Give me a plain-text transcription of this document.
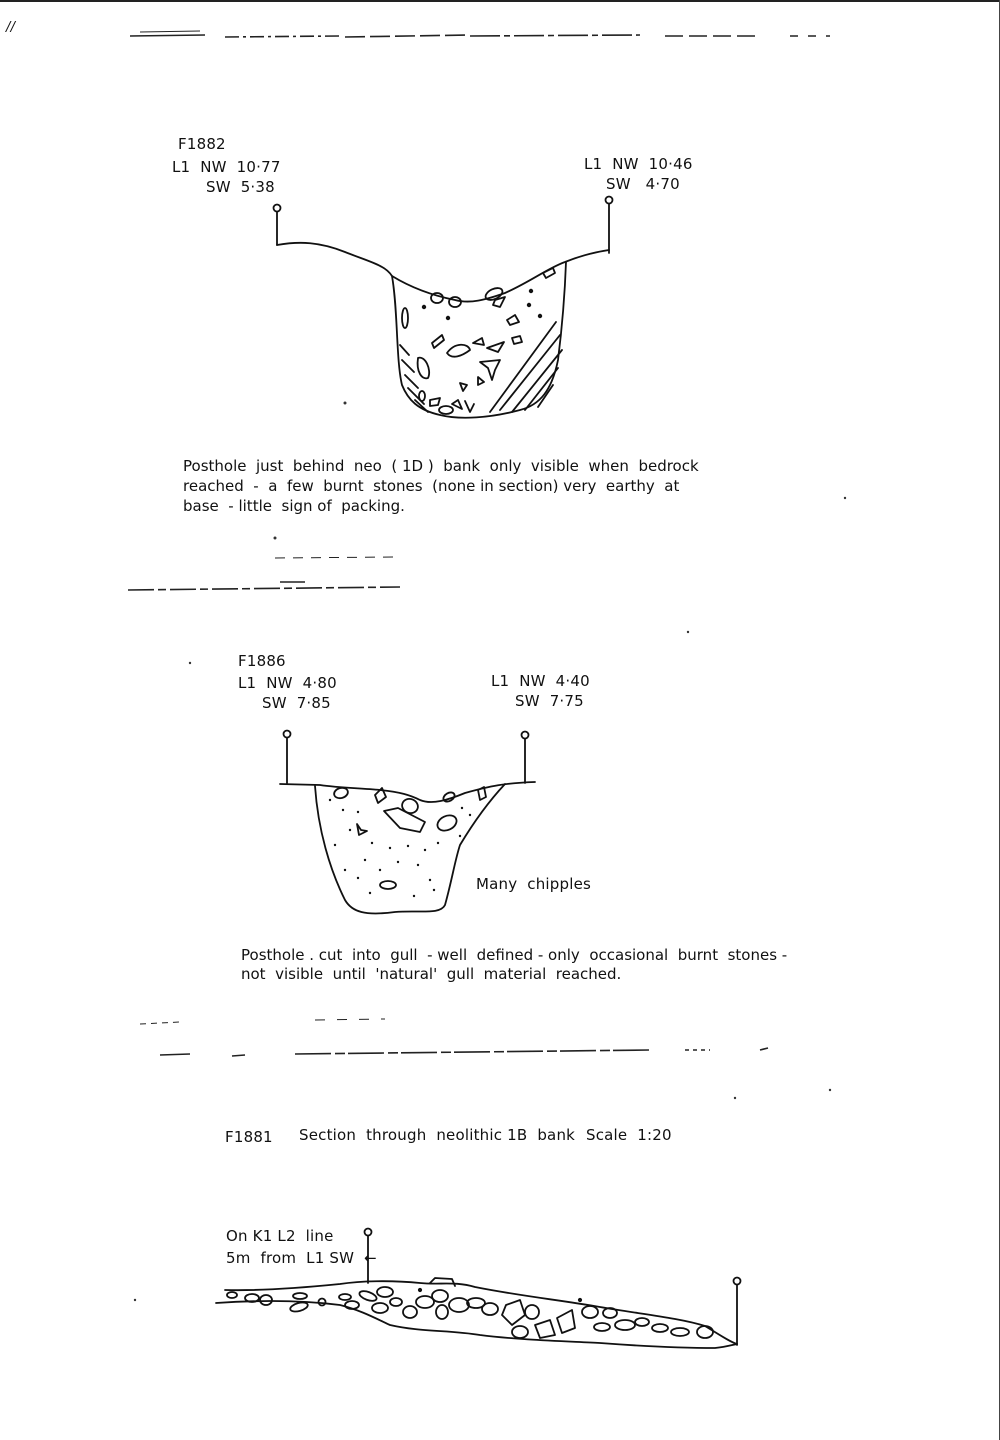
//
F1882
L1  NW  10·77
SW  5·38
L1  NW  10·46
SW   4·70
Posthole  just  behind  neo  ( 1D )  bank  only  visible  when  bedrock
reached  -  a  few  burnt  stones  (none in section) very  earthy  at
base  - little  sign of  packing.
F1886
L1  NW  4·80
SW  7·85
L1  NW  4·40
SW  7·75
Many  chipples
Posthole . cut  into  gull  - well  defined - only  occasional  burnt  stones -
not  visible  until  'natural'  gull  material  reached.
F1881 Section  through  neolithic 1B  bank Scale  1:20
On K1 L2  line
5m  from  L1 SW  ←
